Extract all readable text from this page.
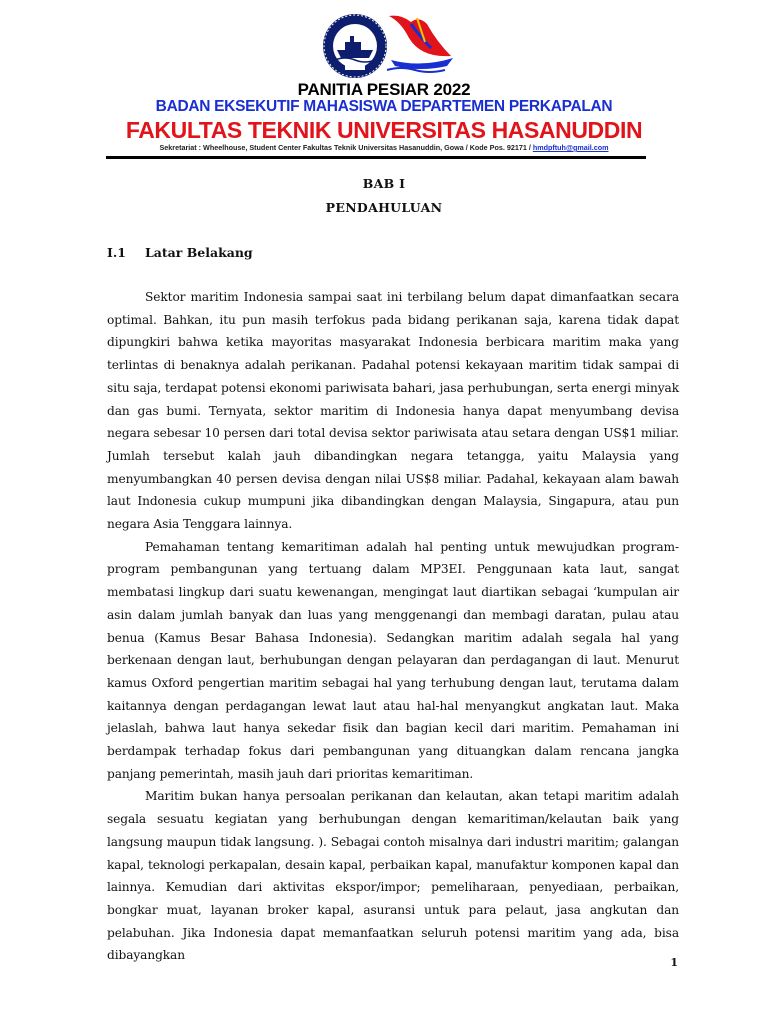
PANITIA PESIAR 2022
BADAN EKSEKUTIF MAHASISWA DEPARTEMEN PERKAPALAN
FAKULTAS TEKNIK UNIVERSITAS HASANUDDIN
Sekretariat : Wheelhouse, Student Center Fakultas Teknik Universitas Hasanuddin, Gowa / Kode Pos. 92171 / hmdpftuh@gmail.com
BAB I
PENDAHULUAN
I.1 Latar Belakang

Sektor maritim Indonesia sampai saat ini terbilang belum dapat dimanfaatkan secara optimal. Bahkan, itu pun masih terfokus pada bidang perikanan saja, karena tidak dapat dipungkiri bahwa ketika mayoritas masyarakat Indonesia berbicara maritim maka yang terlintas di benaknya adalah perikanan. Padahal potensi kekayaan maritim tidak sampai di situ saja, terdapat potensi ekonomi pariwisata bahari, jasa perhubungan, serta energi minyak dan gas bumi. Ternyata, sektor maritim di Indonesia hanya dapat menyumbang devisa negara sebesar 10 persen dari total devisa sektor pariwisata atau setara dengan US$1 miliar. Jumlah tersebut kalah jauh dibandingkan negara tetangga, yaitu Malaysia yang menyumbangkan 40 persen devisa dengan nilai US$8 miliar. Padahal, kekayaan alam bawah laut Indonesia cukup mumpuni jika dibandingkan dengan Malaysia, Singapura, atau pun negara Asia Tenggara lainnya.

Pemahaman tentang kemaritiman adalah hal penting untuk mewujudkan program-program pembangunan yang tertuang dalam MP3EI. Penggunaan kata laut, sangat membatasi lingkup dari suatu kewenangan, mengingat laut diartikan sebagai ‘kumpulan air asin dalam jumlah banyak dan luas yang menggenangi dan membagi daratan, pulau atau benua (Kamus Besar Bahasa Indonesia). Sedangkan maritim adalah segala hal yang berkenaan dengan laut, berhubungan dengan pelayaran dan perdagangan di laut. Menurut kamus Oxford pengertian maritim sebagai hal yang terhubung dengan laut, terutama dalam kaitannya dengan perdagangan lewat laut atau hal-hal menyangkut angkatan laut. Maka jelaslah, bahwa laut hanya sekedar fisik dan bagian kecil dari maritim. Pemahaman ini berdampak terhadap fokus dari pembangunan yang dituangkan dalam rencana jangka panjang pemerintah, masih jauh dari prioritas kemaritiman.

Maritim bukan hanya persoalan perikanan dan kelautan, akan tetapi maritim adalah segala sesuatu kegiatan yang berhubungan dengan kemaritiman/kelautan baik yang langsung maupun tidak langsung. ). Sebagai contoh misalnya dari industri maritim; galangan kapal, teknologi perkapalan, desain kapal, perbaikan kapal, manufaktur komponen kapal dan lainnya. Kemudian dari aktivitas ekspor/impor; pemeliharaan, penyediaan, perbaikan, bongkar muat, layanan broker kapal, asuransi untuk para pelaut, jasa angkutan dan pelabuhan. Jika Indonesia dapat memanfaatkan seluruh potensi maritim yang ada, bisa dibayangkan

1
